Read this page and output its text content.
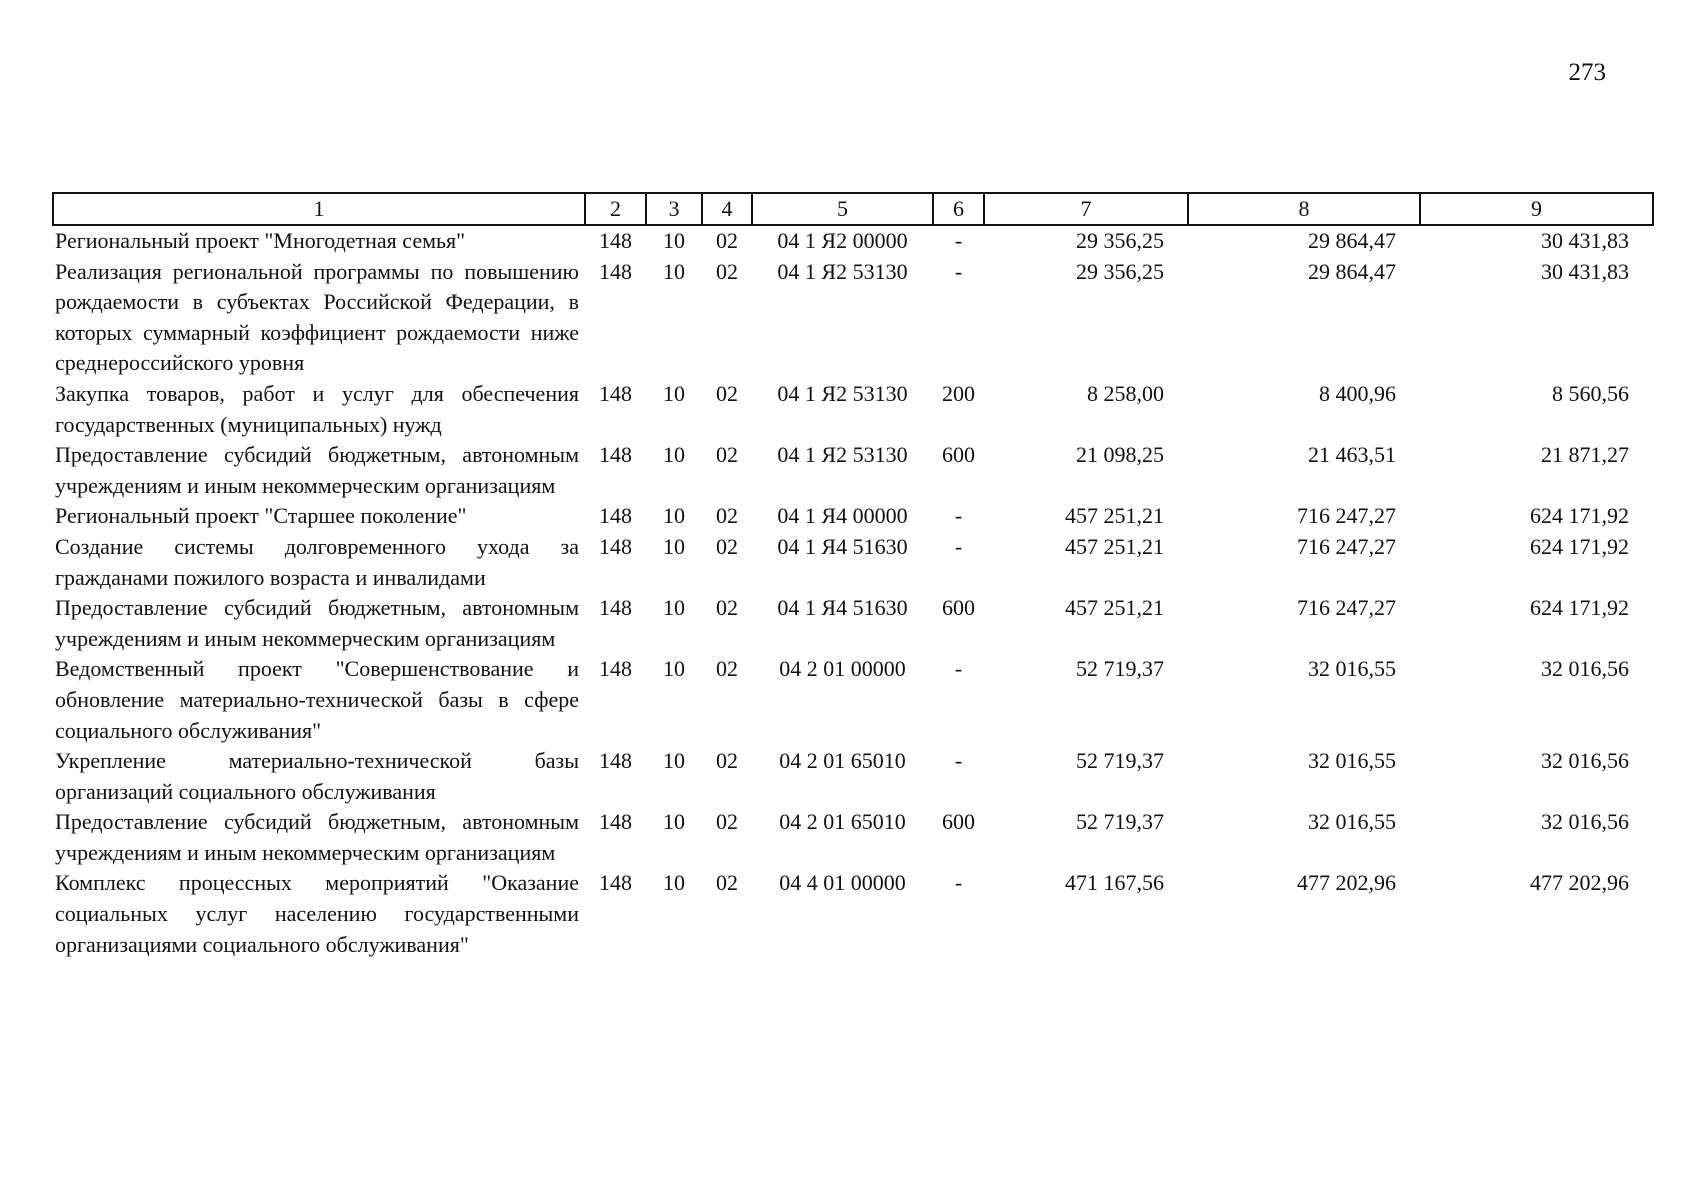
273
1	2	3	4	5	6	7	8	9
Региональный проект "Многодетная семья"	148	10	02	04 1 Я2 00000	-	29 356,25	29 864,47	30 431,83
Реализация региональной программы по повышению рождаемости в субъектах Российской Федерации, в которых суммарный коэффициент рождаемости ниже среднероссийского уровня	148	10	02	04 1 Я2 53130	-	29 356,25	29 864,47	30 431,83
Закупка товаров, работ и услуг для обеспечения государственных (муниципальных) нужд	148	10	02	04 1 Я2 53130	200	8 258,00	8 400,96	8 560,56
Предоставление субсидий бюджетным, автономным учреждениям и иным некоммерческим организациям	148	10	02	04 1 Я2 53130	600	21 098,25	21 463,51	21 871,27
Региональный проект "Старшее поколение"	148	10	02	04 1 Я4 00000	-	457 251,21	716 247,27	624 171,92
Создание системы долговременного ухода за гражданами пожилого возраста и инвалидами	148	10	02	04 1 Я4 51630	-	457 251,21	716 247,27	624 171,92
Предоставление субсидий бюджетным, автономным учреждениям и иным некоммерческим организациям	148	10	02	04 1 Я4 51630	600	457 251,21	716 247,27	624 171,92
Ведомственный проект "Совершенствование и обновление материально-технической базы в сфере социального обслуживания"	148	10	02	04 2 01 00000	-	52 719,37	32 016,55	32 016,56
Укрепление материально-технической базы организаций социального обслуживания	148	10	02	04 2 01 65010	-	52 719,37	32 016,55	32 016,56
Предоставление субсидий бюджетным, автономным учреждениям и иным некоммерческим организациям	148	10	02	04 2 01 65010	600	52 719,37	32 016,55	32 016,56
Комплекс процессных мероприятий "Оказание социальных услуг населению государственными организациями социального обслуживания"	148	10	02	04 4 01 00000	-	471 167,56	477 202,96	477 202,96
